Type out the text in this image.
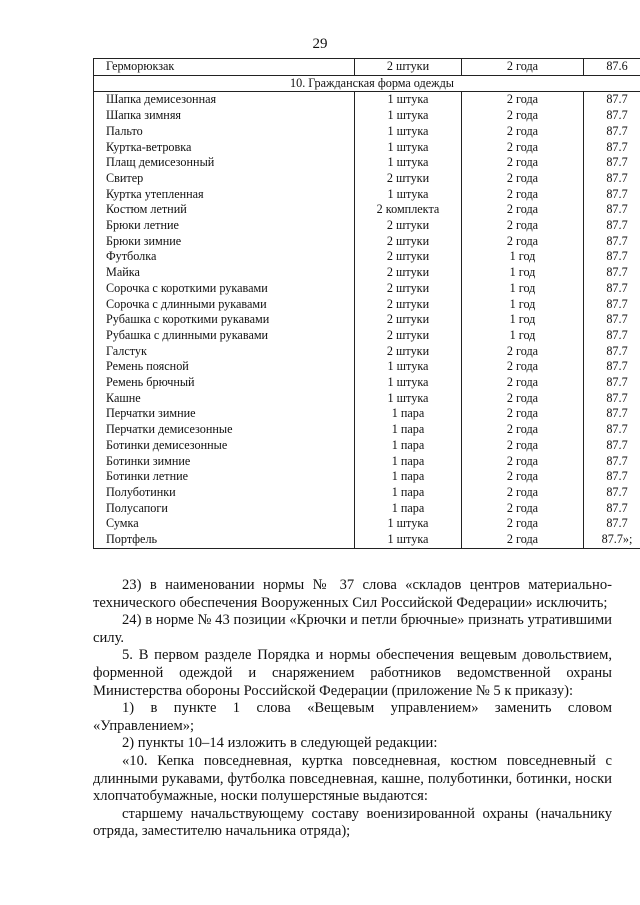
29
Герморюкзак	2 штуки	2 года	87.6
10. Гражданская форма одежды			
Шапка демисезонная	1 штука	2 года	87.7
Шапка зимняя	1 штука	2 года	87.7
Пальто	1 штука	2 года	87.7
Куртка-ветровка	1 штука	2 года	87.7
Плащ демисезонный	1 штука	2 года	87.7
Свитер	2 штуки	2 года	87.7
Куртка утепленная	1 штука	2 года	87.7
Костюм летний	2 комплекта	2 года	87.7
Брюки летние	2 штуки	2 года	87.7
Брюки зимние	2 штуки	2 года	87.7
Футболка	2 штуки	1 год	87.7
Майка	2 штуки	1 год	87.7
Сорочка с короткими рукавами	2 штуки	1 год	87.7
Сорочка с длинными рукавами	2 штуки	1 год	87.7
Рубашка с короткими рукавами	2 штуки	1 год	87.7
Рубашка с длинными рукавами	2 штуки	1 год	87.7
Галстук	2 штуки	2 года	87.7
Ремень поясной	1 штука	2 года	87.7
Ремень брючный	1 штука	2 года	87.7
Кашне	1 штука	2 года	87.7
Перчатки зимние	1 пара	2 года	87.7
Перчатки демисезонные	1 пара	2 года	87.7
Ботинки демисезонные	1 пара	2 года	87.7
Ботинки зимние	1 пара	2 года	87.7
Ботинки летние	1 пара	2 года	87.7
Полуботинки	1 пара	2 года	87.7
Полусапоги	1 пара	2 года	87.7
Сумка	1 штука	2 года	87.7
Портфель	1 штука	2 года	87.7»;

23) в наименовании нормы № 37 слова «складов центров материально-технического обеспечения Вооруженных Сил Российской Федерации» исключить;

24) в норме № 43 позиции «Крючки и петли брючные» признать утратившими силу.

5. В первом разделе Порядка и нормы обеспечения вещевым довольствием, форменной одеждой и снаряжением работников ведомственной охраны Министерства обороны Российской Федерации (приложение № 5 к приказу):

1) в пункте 1 слова «Вещевым управлением» заменить словом «Управлением»;

2) пункты 10–14 изложить в следующей редакции:

«10. Кепка повседневная, куртка повседневная, костюм повседневный с длинными рукавами, футболка повседневная, кашне, полуботинки, ботинки, носки хлопчатобумажные, носки полушерстяные выдаются:

старшему начальствующему составу военизированной охраны (начальнику отряда, заместителю начальника отряда);
